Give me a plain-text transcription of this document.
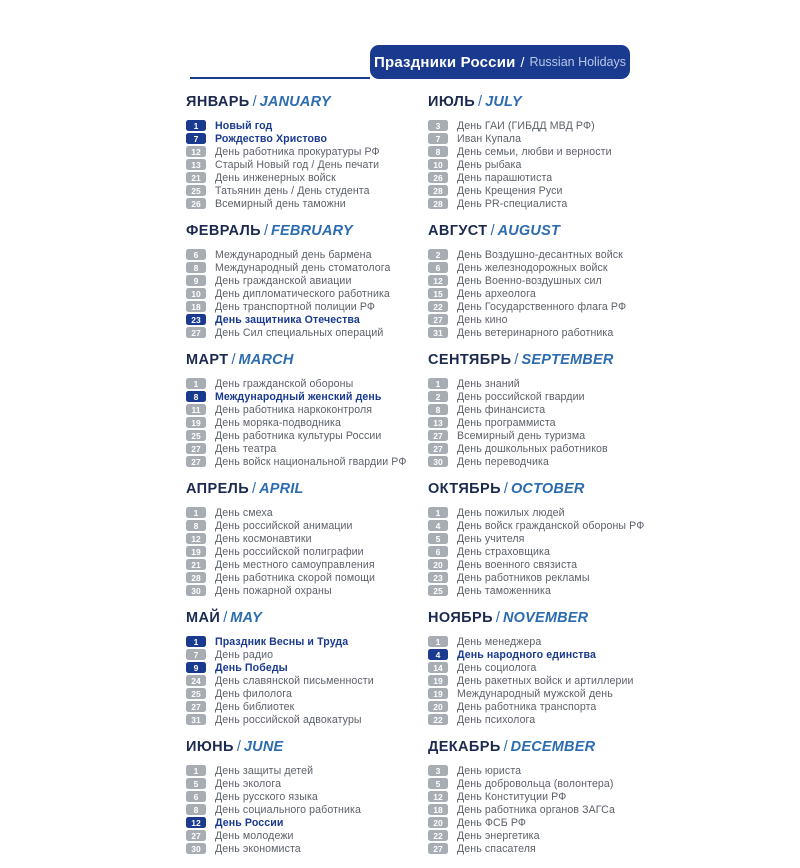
Праздники России / Russian Holidays
ЯНВАРЬ / JANUARY
1	Новый год
7	Рождество Христово
12	День работника прокуратуры РФ
13	Старый Новый год / День печати
21	День инженерных войск
25	Татьянин день / День студента
26	Всемирный день таможни
ФЕВРАЛЬ / FEBRUARY
6	Международный день бармена
8	Международный день стоматолога
9	День гражданской авиации
10	День дипломатического работника
18	День транспортной полиции РФ
23	День защитника Отечества
27	День Сил специальных операций
МАРТ / MARCH
1	День гражданской обороны
8	Международный женский день
11	День работника наркоконтроля
19	День моряка-подводника
25	День работника культуры России
27	День театра
27	День войск национальной гвардии РФ
АПРЕЛЬ / APRIL
1	День смеха
8	День российской анимации
12	День космонавтики
19	День российской полиграфии
21	День местного самоуправления
28	День работника скорой помощи
30	День пожарной охраны
МАЙ / MAY
1	Праздник Весны и Труда
7	День радио
9	День Победы
24	День славянской письменности
25	День филолога
27	День библиотек
31	День российской адвокатуры
ИЮНЬ / JUNE
1	День защиты детей
5	День эколога
6	День русского языка
8	День социального работника
12	День России
27	День молодежи
30	День экономиста
ИЮЛЬ / JULY
3	День ГАИ (ГИБДД МВД РФ)
7	Иван Купала
8	День семьи, любви и верности
10	День рыбака
26	День парашютиста
28	День Крещения Руси
28	День PR-специалиста
АВГУСТ / AUGUST
2	День Воздушно-десантных войск
6	День железнодорожных войск
12	День Военно-воздушных сил
15	День археолога
22	День Государственного флага РФ
27	День кино
31	День ветеринарного работника
СЕНТЯБРЬ / SEPTEMBER
1	День знаний
2	День российской гвардии
8	День финансиста
13	День программиста
27	Всемирный день туризма
27	День дошкольных работников
30	День переводчика
ОКТЯБРЬ / OCTOBER
1	День пожилых людей
4	День войск гражданской обороны РФ
5	День учителя
6	День страховщика
20	День военного связиста
23	День работников рекламы
25	День таможенника
НОЯБРЬ / NOVEMBER
1	День менеджера
4	День народного единства
14	День социолога
19	День ракетных войск и артиллерии
19	Международный мужской день
20	День работника транспорта
22	День психолога
ДЕКАБРЬ / DECEMBER
3	День юриста
5	День добровольца (волонтера)
12	День Конституции РФ
18	День работника органов ЗАГСа
20	День ФСБ РФ
22	День энергетика
27	День спасателя
